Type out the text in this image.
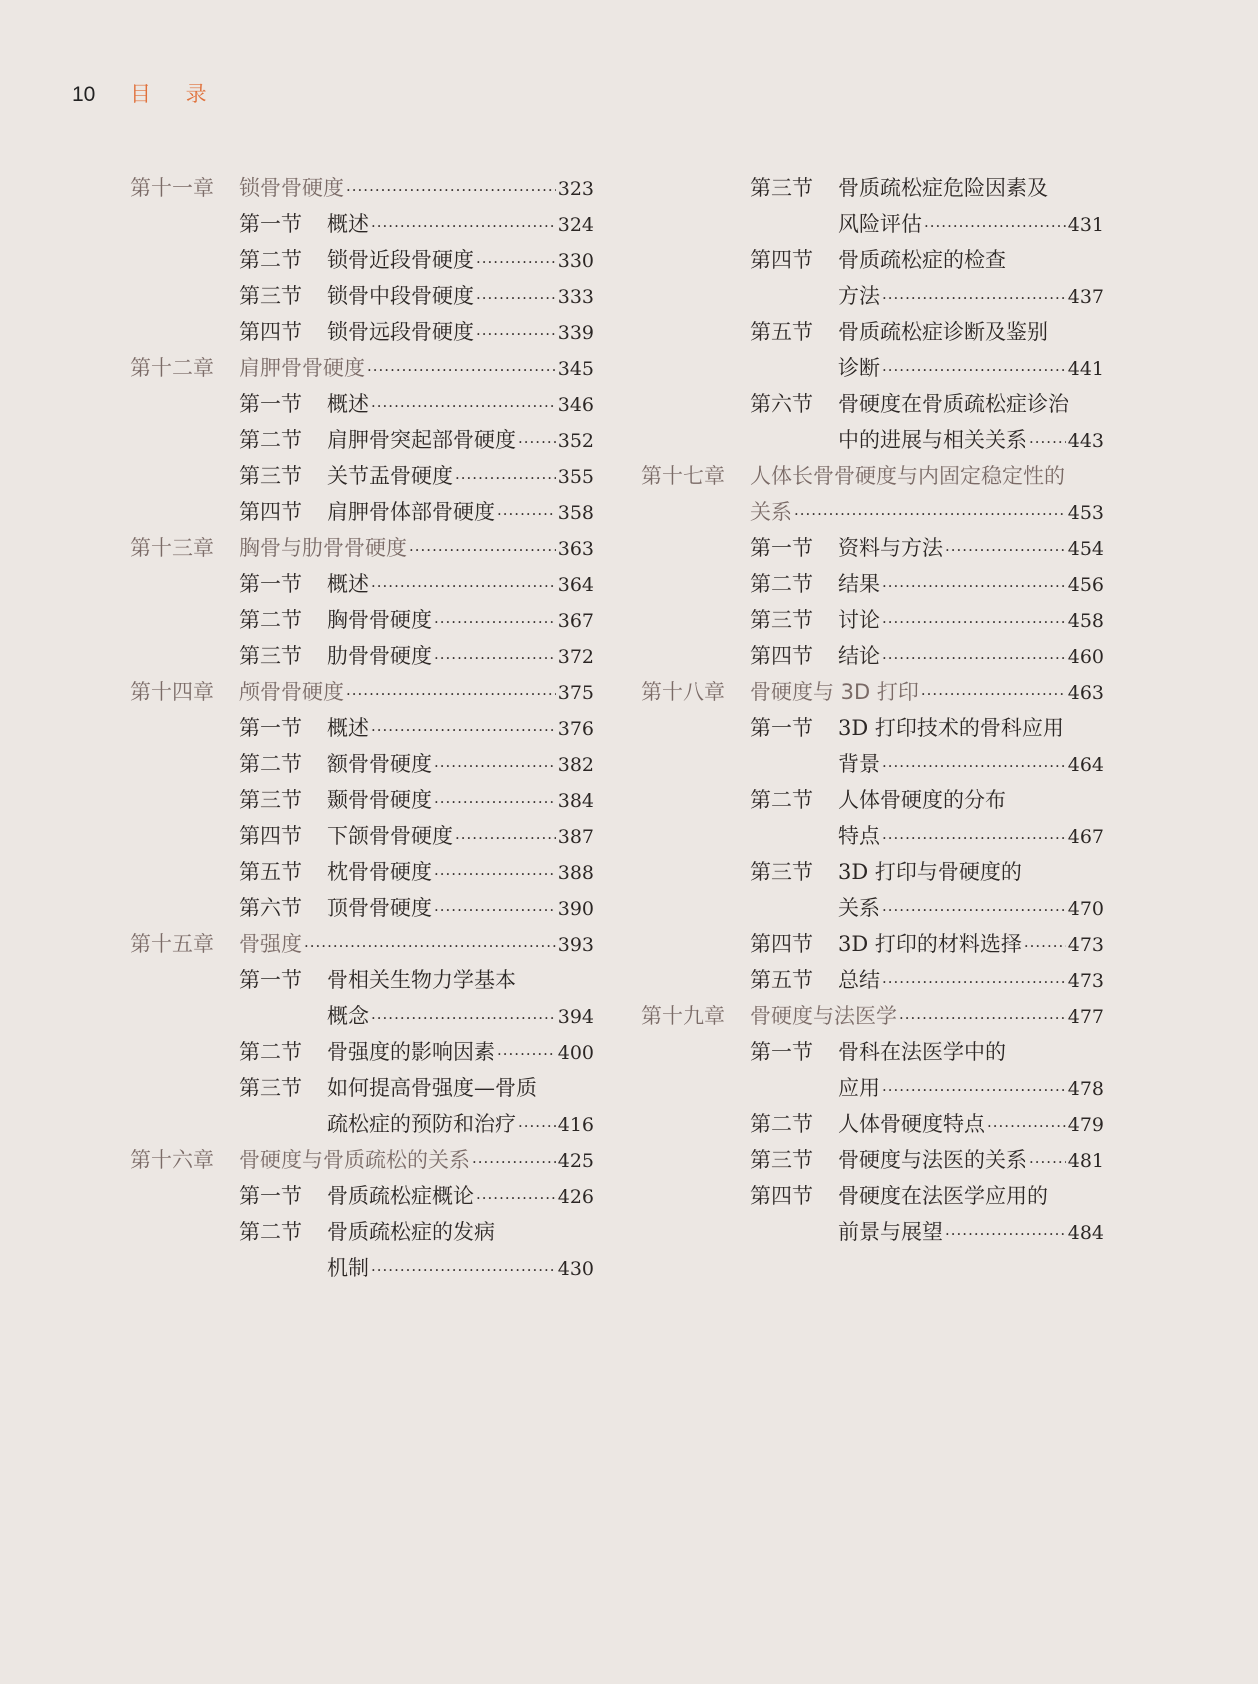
10	目 录
第十一章	锁骨骨硬度 ·····	323
第一节	概述 ·····	324
第二节	锁骨近段骨硬度 ·····	330
第三节	锁骨中段骨硬度 ·····	333
第四节	锁骨远段骨硬度 ·····	339
第十二章	肩胛骨骨硬度 ·····	345
第一节	概述 ·····	346
第二节	肩胛骨突起部骨硬度 ····· 352
第三节	关节盂骨硬度 ·····	355
第四节	肩胛骨体部骨硬度 ·····	358
第十三章	胸骨与肋骨骨硬度 ·····	363
第一节	概述 ·····	364
第二节	胸骨骨硬度 ·····	367
第三节	肋骨骨硬度 ·····	372
第十四章	颅骨骨硬度 ·····	375
第一节	概述 ·····	376
第二节	额骨骨硬度 ·····	382
第三节	颞骨骨硬度 ·····	384
第四节	下颌骨骨硬度 ·····	387
第五节	枕骨骨硬度 ·····	388
第六节	顶骨骨硬度 ·····	390
第十五章	骨强度 ·····	393
第一节	骨相关生物力学基本
概念 ·····	394
第二节	骨强度的影响因素 ·····	400
第三节	如何提高骨强度—骨质
疏松症的预防和治疗 ····· 416
第十六章	骨硬度与骨质疏松的关系 ·····	425
第一节	骨质疏松症概论 ·····	426
第二节	骨质疏松症的发病
机制 ·····	430
第三节	骨质疏松症危险因素及
风险评估 ·····	431
第四节	骨质疏松症的检查
方法 ·····	437
第五节	骨质疏松症诊断及鉴别
诊断 ·····	441
第六节	骨硬度在骨质疏松症诊治
中的进展与相关关系 ····· 443
第十七章	人体长骨骨硬度与内固定稳定性的
关系 ·····	453
第一节	资料与方法 ·····	454
第二节	结果 ·····	456
第三节	讨论 ·····	458
第四节	结论 ·····	460
第十八章	骨硬度与 3D 打印 ·····	463
第一节	3D 打印技术的骨科应用
背景 ·····	464
第二节	人体骨硬度的分布
特点 ·····	467
第三节	3D 打印与骨硬度的
关系 ·····	470
第四节	3D 打印的材料选择 ····· 473
第五节	总结 ·····	473
第十九章	骨硬度与法医学 ·····	477
第一节	骨科在法医学中的
应用 ·····	478
第二节	人体骨硬度特点 ·····	479
第三节	骨硬度与法医的关系 ····· 481
第四节	骨硬度在法医学应用的
前景与展望 ·····	484
